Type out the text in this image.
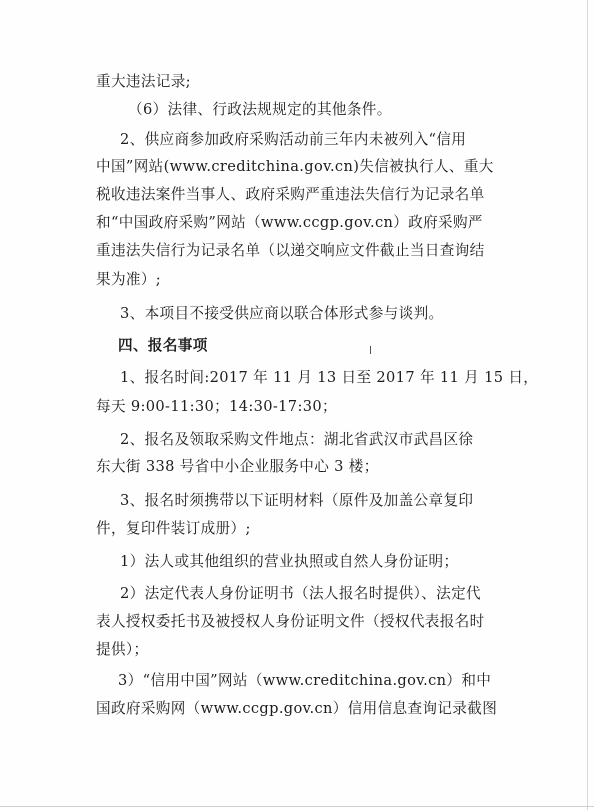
重大违法记录;
（6）法律、行政法规规定的其他条件。
2、供应商参加政府采购活动前三年内未被列入“信用
中国”网站(www.creditchina.gov.cn)失信被执行人、重大
税收违法案件当事人、政府采购严重违法失信行为记录名单
和“中国政府采购”网站（www.ccgp.gov.cn）政府采购严
重违法失信行为记录名单（以递交响应文件截止当日查询结
果为准）;
3、本项目不接受供应商以联合体形式参与谈判。
四、报名事项
1、报名时间:2017 年 11 月 13 日至 2017 年 11 月 15 日，
每天 9:00-11:30；14:30-17:30；
2、报名及领取采购文件地点：湖北省武汉市武昌区徐
东大街 338 号省中小企业服务中心 3 楼；
3、报名时须携带以下证明材料（原件及加盖公章复印
件，复印件装订成册）;
1）法人或其他组织的营业执照或自然人身份证明；
2）法定代表人身份证明书（法人报名时提供）、法定代
表人授权委托书及被授权人身份证明文件（授权代表报名时
提供）；
3）“信用中国”网站（www.creditchina.gov.cn）和中
国政府采购网（www.ccgp.gov.cn）信用信息查询记录截图
